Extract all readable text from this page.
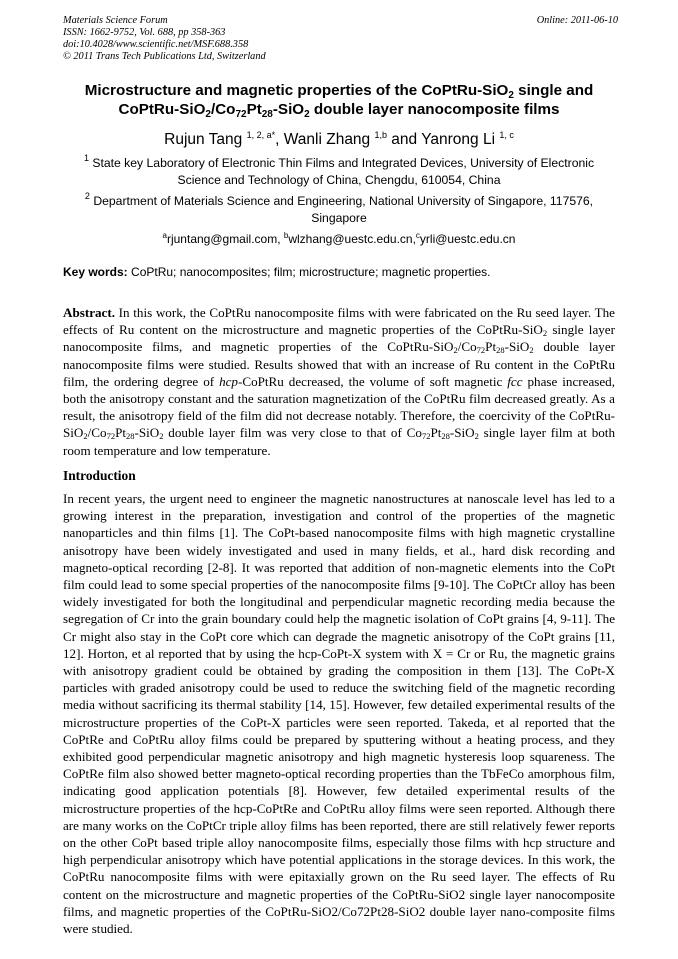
Materials Science Forum
ISSN: 1662-9752, Vol. 688, pp 358-363
doi:10.4028/www.scientific.net/MSF.688.358
© 2011 Trans Tech Publications Ltd, Switzerland
Online: 2011-06-10
Microstructure and magnetic properties of the CoPtRu-SiO$_2$ single and
CoPtRu-$SiO_2/Co_{72}Pt_{28}-SiO_2$ double layer nanocomposite films
Rujun Tang $^{1, 2, a*}$, Wanli Zhang $^{1,b}$ and Yanrong Li $^{1, c}$
$^1$ State key Laboratory of Electronic Thin Films and Integrated Devices, University of Electronic Science and Technology of China, Chengdu, 610054, China
$^2$ Department of Materials Science and Engineering, National University of Singapore, 117576, Singapore
$^a$rjuntang@gmail.com, $^b$wlzhang@uestc.edu.cn,$^c$yrli@uestc.edu.cn
Key words: CoPtRu; nanocomposites; film; microstructure; magnetic properties.
Abstract. In this work, the CoPtRu nanocomposite films with were fabricated on the Ru seed layer. The effects of Ru content on the microstructure and magnetic properties of the CoPtRu-SiO$_2$ single layer nanocomposite films, and magnetic properties of the CoPtRu-$SiO_2/Co_{72}Pt_{28}-SiO_2$ double layer nanocomposite films were studied. Results showed that with an increase of Ru content in the CoPtRu film, the ordering degree of hcp-CoPtRu decreased, the volume of soft magnetic fcc phase increased, both the anisotropy constant and the saturation magnetization of the CoPtRu film decreased greatly. As a result, the anisotropy field of the film did not decrease notably. Therefore, the coercivity of the CoPtRu-$SiO_2/Co_{72}Pt_{28}-SiO_2$ double layer film was very close to that of $Co_{72}Pt_{28}-SiO_2$ single layer film at both room temperature and low temperature.
Introduction
In recent years, the urgent need to engineer the magnetic nanostructures at nanoscale level has led to a growing interest in the preparation, investigation and control of the properties of the magnetic nanoparticles and thin films [1]. The CoPt-based nanocomposite films with high magnetic crystalline anisotropy have been widely investigated and used in many fields, et al., hard disk recording and magneto-optical recording [2-8]. It was reported that addition of non-magnetic elements into the CoPt film could lead to some special properties of the nanocomposite films [9-10]. The CoPtCr alloy has been widely investigated for both the longitudinal and perpendicular magnetic recording media because the segregation of Cr into the grain boundary could help the magnetic isolation of CoPt grains [4, 9-11]. The Cr might also stay in the CoPt core which can degrade the magnetic anisotropy of the CoPt grains [11, 12]. Horton, et al reported that by using the hcp-CoPt-X system with X = Cr or Ru, the magnetic grains with anisotropy gradient could be obtained by grading the composition in them [13]. The CoPt-X particles with graded anisotropy could be used to reduce the switching field of the magnetic recording media without sacrificing its thermal stability [14, 15]. However, few detailed experimental results of the microstructure properties of the CoPt-X particles were seen reported. Takeda, et al reported that the CoPtRe and CoPtRu alloy films could be prepared by sputtering without a heating process, and they exhibited good perpendicular magnetic anisotropy and high magnetic hysteresis loop squareness. The CoPtRe film also showed better magneto-optical recording properties than the TbFeCo amorphous film, indicating good application potentials [8]. However, few detailed experimental results of the microstructure properties of the hcp-CoPtRe and CoPtRu alloy films were seen reported. Although there are many works on the CoPtCr triple alloy films has been reported, there are still relatively fewer reports on the other CoPt based triple alloy nanocomposite films, especially those films with hcp structure and high perpendicular anisotropy which have potential applications in the storage devices. In this work, the CoPtRu nanocomposite films with were epitaxially grown on the Ru seed layer. The effects of Ru content on the microstructure and magnetic properties of the CoPtRu-SiO2 single layer nanocomposite films, and magnetic properties of the CoPtRu-SiO2/Co72Pt28-SiO2 double layer nano-composite films were studied.
